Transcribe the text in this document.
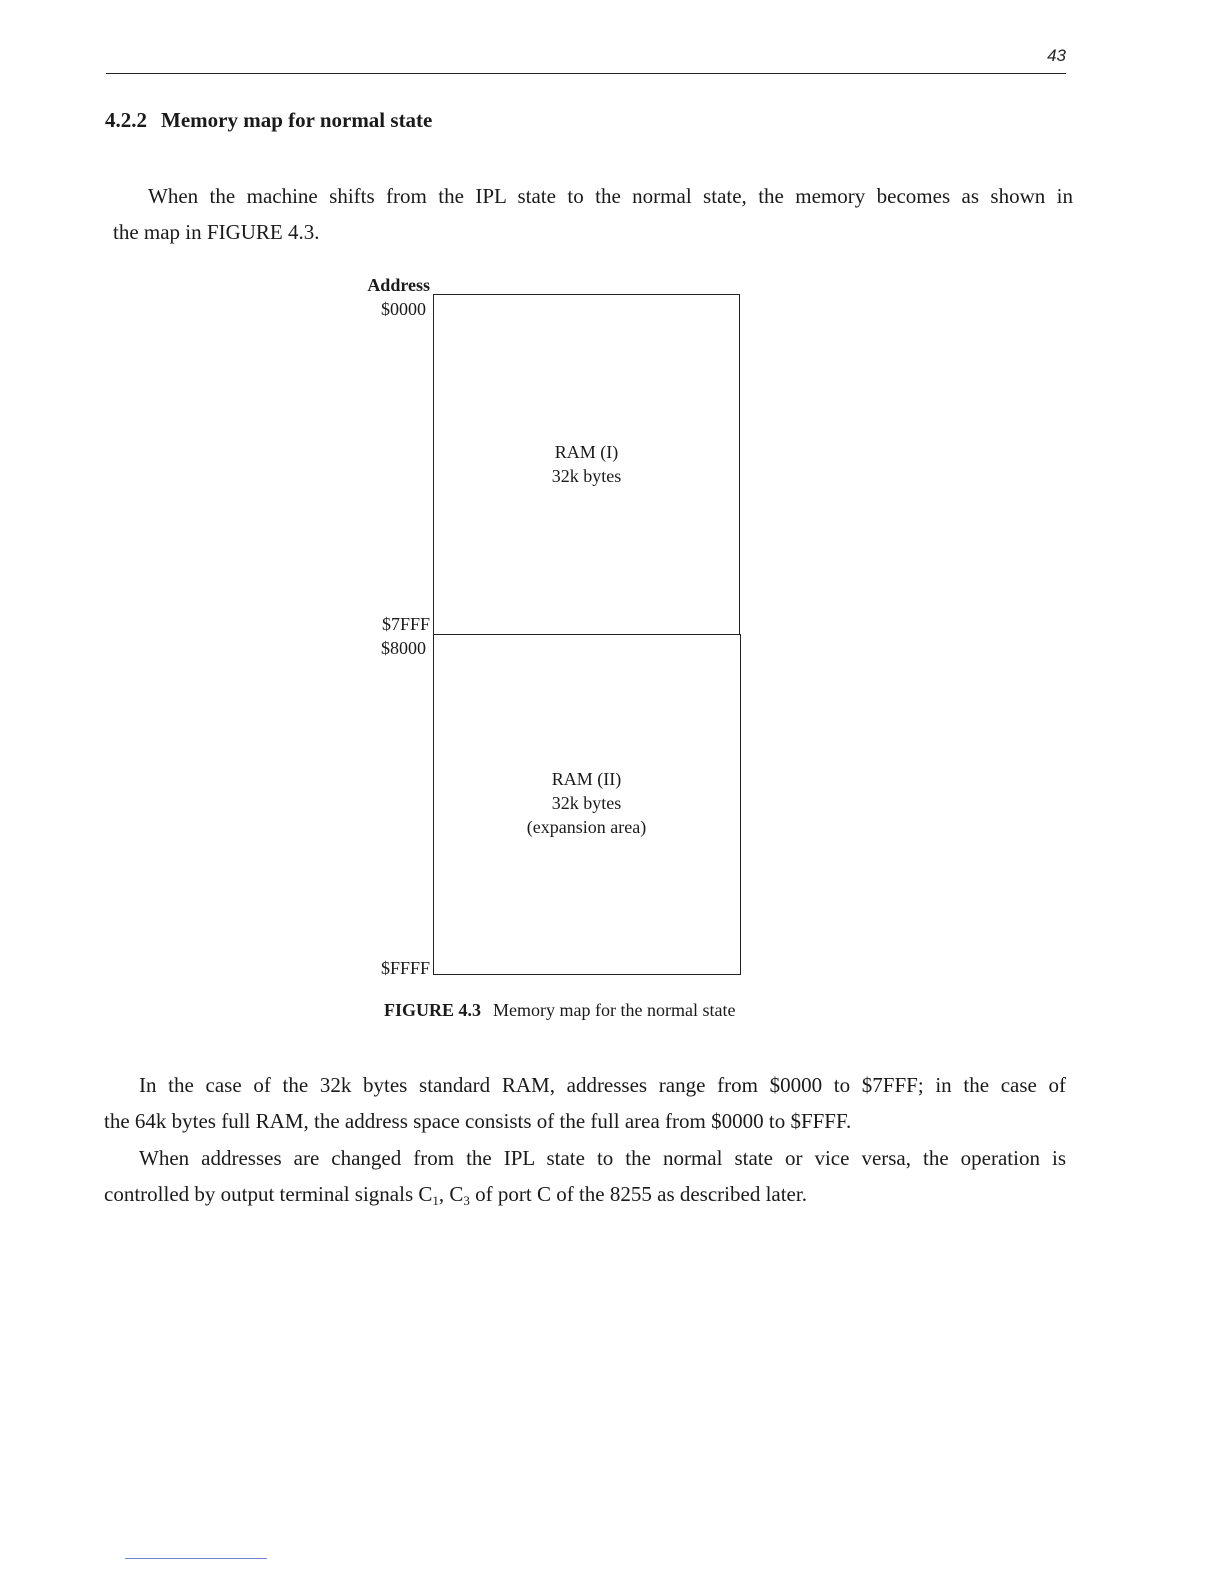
43
4.2.2 Memory map for normal state
When the machine shifts from the IPL state to the normal state, the memory becomes as shown in
the map in FIGURE 4.3.
Address
$0000
$7FFF
$8000
$FFFF
RAM (I)
32k bytes
RAM (II)
32k bytes
(expansion area)
FIGURE 4.3 Memory map for the normal state
In the case of the 32k bytes standard RAM, addresses range from $0000 to $7FFF; in the case of
the 64k bytes full RAM, the address space consists of the full area from $0000 to $FFFF.
When addresses are changed from the IPL state to the normal state or vice versa, the operation is
controlled by output terminal signals $C_1$, $C_3$ of port C of the 8255 as described later.
